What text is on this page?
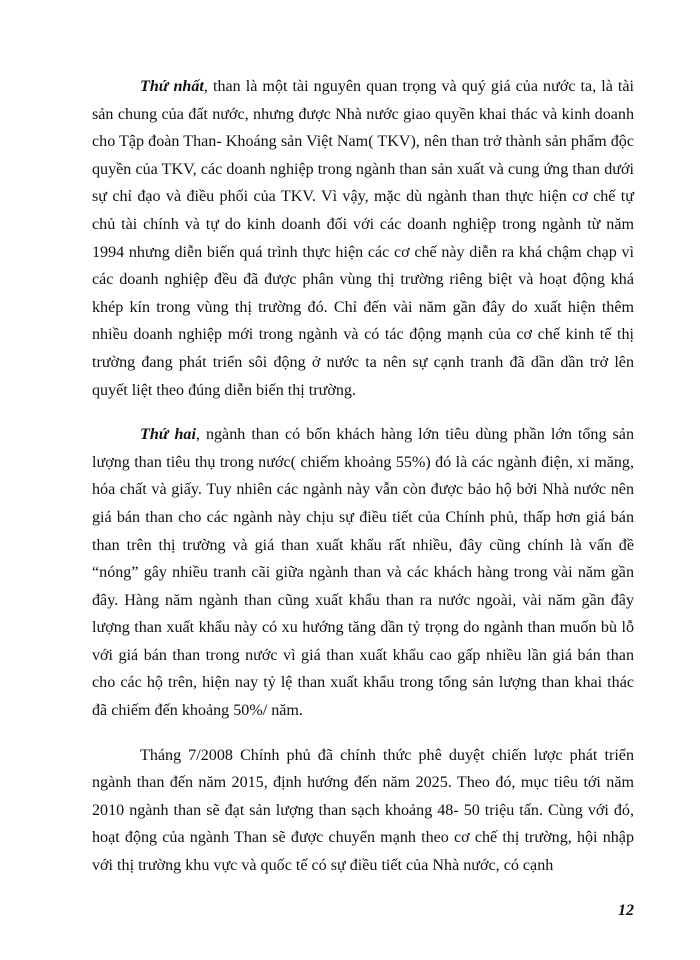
Thứ nhất, than là một tài nguyên quan trọng và quý giá của nước ta, là tài sản chung của đất nước, nhưng được Nhà nước giao quyền khai thác và kinh doanh cho Tập đoàn Than- Khoáng sản Việt Nam( TKV), nên than trở thành sản phẩm độc quyền của TKV, các doanh nghiệp trong ngành than sản xuất và cung ứng than dưới sự chỉ đạo và điều phối của TKV. Vì vậy, mặc dù ngành than thực hiện cơ chế tự chủ tài chính và tự do kinh doanh đối với các doanh nghiệp trong ngành từ năm 1994 nhưng diễn biến quá trình thực hiện các cơ chế này diễn ra khá chậm chạp vì các doanh nghiệp đều đã được phân vùng thị trường riêng biệt và hoạt động khá khép kín trong vùng thị trường đó. Chỉ đến vài năm gần đây do xuất hiện thêm nhiều doanh nghiệp mới trong ngành và có tác động mạnh của cơ chế kinh tế thị trường đang phát triển sôi động ở nước ta nên sự cạnh tranh đã dần dần trở lên quyết liệt theo đúng diễn biến thị trường.

Thứ hai, ngành than có bốn khách hàng lớn tiêu dùng phần lớn tổng sản lượng than tiêu thụ trong nước( chiếm khoảng 55%) đó là các ngành điện, xi măng, hóa chất và giấy. Tuy nhiên các ngành này vẫn còn được bảo hộ bởi Nhà nước nên giá bán than cho các ngành này chịu sự điều tiết của Chính phủ, thấp hơn giá bán than trên thị trường và giá than xuất khẩu rất nhiều, đây cũng chính là vấn đề “nóng” gây nhiều tranh cãi giữa ngành than và các khách hàng trong vài năm gần đây. Hàng năm ngành than cũng xuất khẩu than ra nước ngoài, vài năm gần đây lượng than xuất khẩu này có xu hướng tăng dần tỷ trọng do ngành than muốn bù lỗ với giá bán than trong nước vì giá than xuất khẩu cao gấp nhiều lần giá bán than cho các hộ trên, hiện nay tỷ lệ than xuất khẩu trong tổng sản lượng than khai thác đã chiếm đến khoảng 50%/ năm.

Tháng 7/2008 Chính phủ đã chính thức phê duyệt chiến lược phát triển ngành than đến năm 2015, định hướng đến năm 2025. Theo đó, mục tiêu tới năm 2010 ngành than sẽ đạt sản lượng than sạch khoảng 48- 50 triệu tấn. Cùng với đó, hoạt động của ngành Than sẽ được chuyển mạnh theo cơ chế thị trường, hội nhập với thị trường khu vực và quốc tế có sự điều tiết của Nhà nước, có cạnh

12
